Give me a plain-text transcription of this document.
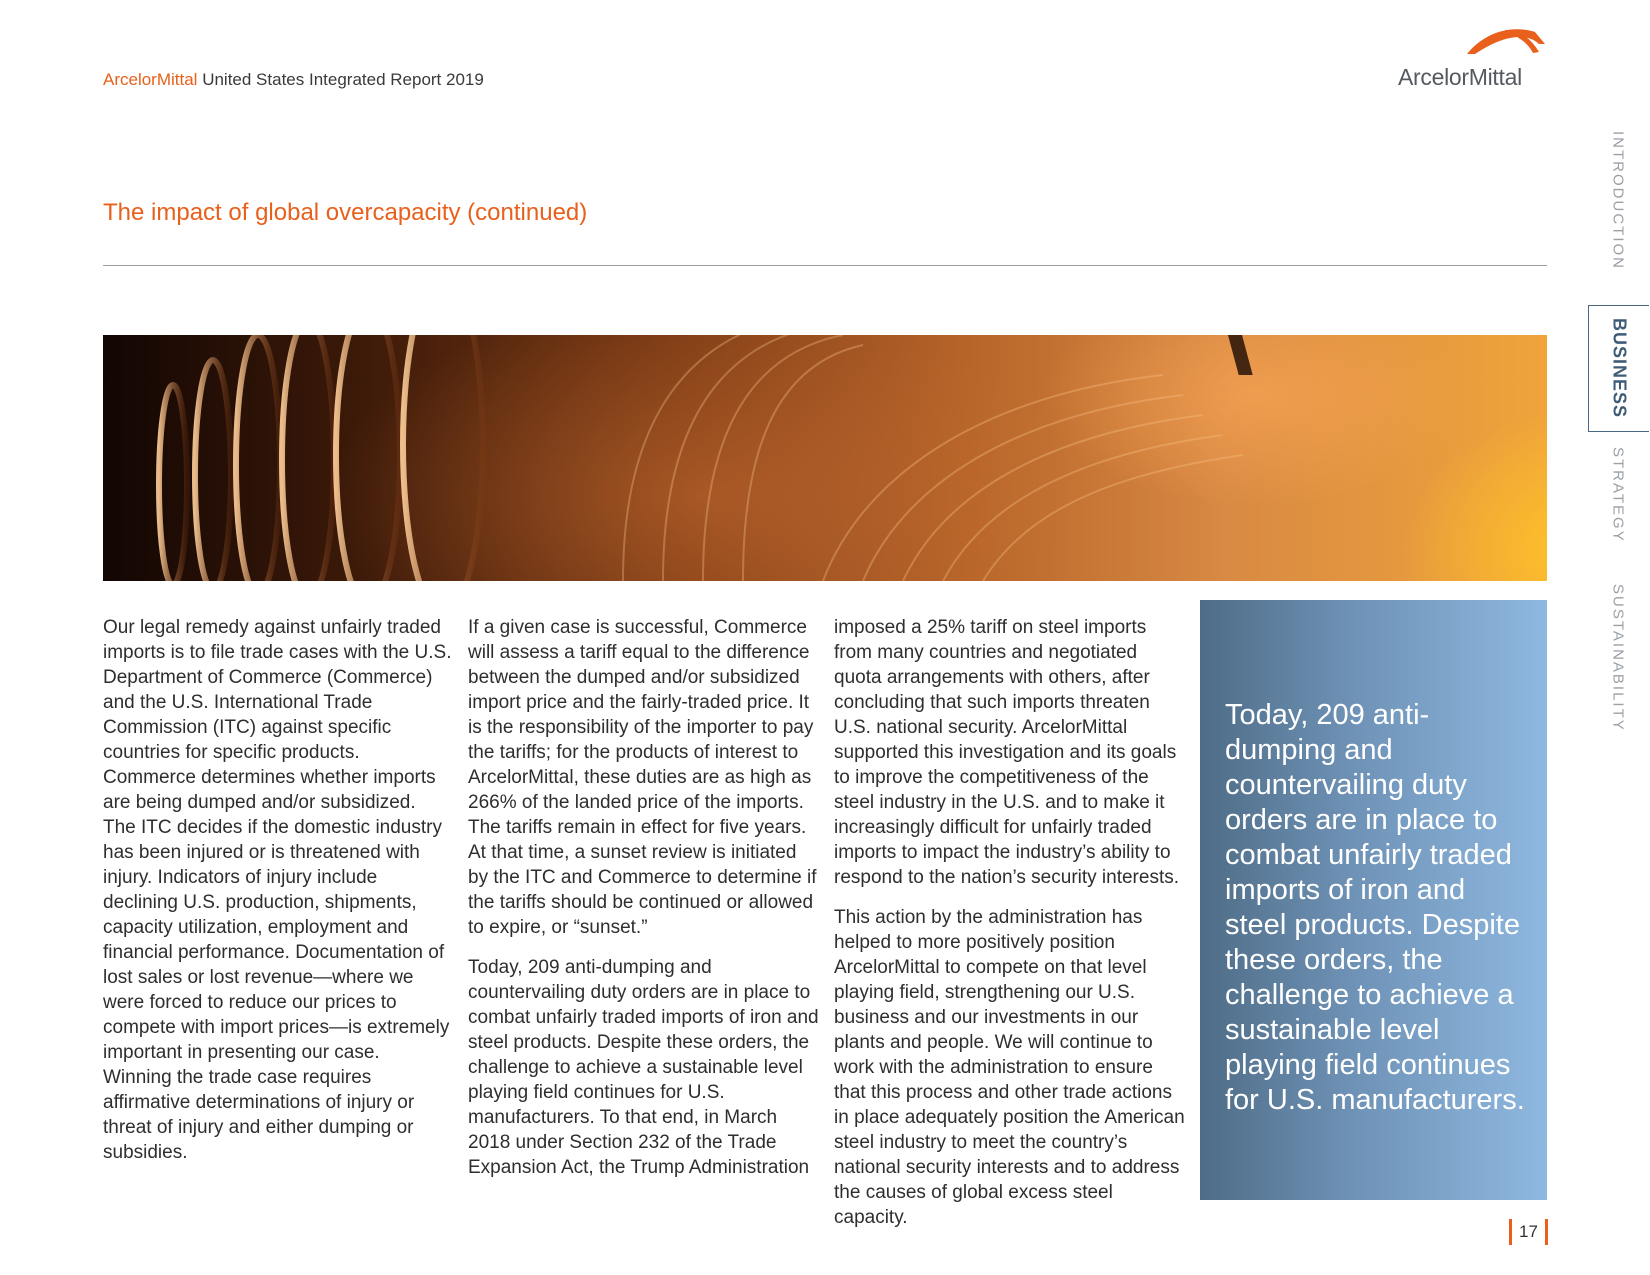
ArcelorMittal United States Integrated Report 2019	ArcelorMittal
The impact of global overcapacity (continued)

Our legal remedy against unfairly traded imports is to file trade cases with the U.S. Department of Commerce (Commerce) and the U.S. International Trade Commission (ITC) against specific countries for specific products. Commerce determines whether imports are being dumped and/or subsidized. The ITC decides if the domestic industry has been injured or is threatened with injury. Indicators of injury include declining U.S. production, shipments, capacity utilization, employment and financial performance. Documentation of lost sales or lost revenue—where we were forced to reduce our prices to compete with import prices—is extremely important in presenting our case. Winning the trade case requires affirmative determinations of injury or threat of injury and either dumping or subsidies.

If a given case is successful, Commerce will assess a tariff equal to the difference between the dumped and/or subsidized import price and the fairly-traded price. It is the responsibility of the importer to pay the tariffs; for the products of interest to ArcelorMittal, these duties are as high as 266% of the landed price of the imports. The tariffs remain in effect for five years. At that time, a sunset review is initiated by the ITC and Commerce to determine if the tariffs should be continued or allowed to expire, or “sunset.”

Today, 209 anti-dumping and countervailing duty orders are in place to combat unfairly traded imports of iron and steel products. Despite these orders, the challenge to achieve a sustainable level playing field continues for U.S. manufacturers. To that end, in March 2018 under Section 232 of the Trade Expansion Act, the Trump Administration

imposed a 25% tariff on steel imports from many countries and negotiated quota arrangements with others, after concluding that such imports threaten U.S. national security. ArcelorMittal supported this investigation and its goals to improve the competitiveness of the steel industry in the U.S. and to make it increasingly difficult for unfairly traded imports to impact the industry’s ability to respond to the nation’s security interests.

This action by the administration has helped to more positively position ArcelorMittal to compete on that level playing field, strengthening our U.S. business and our investments in our plants and people. We will continue to work with the administration to ensure that this process and other trade actions in place adequately position the American steel industry to meet the country’s national security interests and to address the causes of global excess steel capacity.

Today, 209 anti-dumping and countervailing duty orders are in place to combat unfairly traded imports of iron and steel products. Despite these orders, the challenge to achieve a sustainable level playing field continues for U.S. manufacturers.
INTRODUCTION
BUSINESS
STRATEGY
SUSTAINABILITY
17
